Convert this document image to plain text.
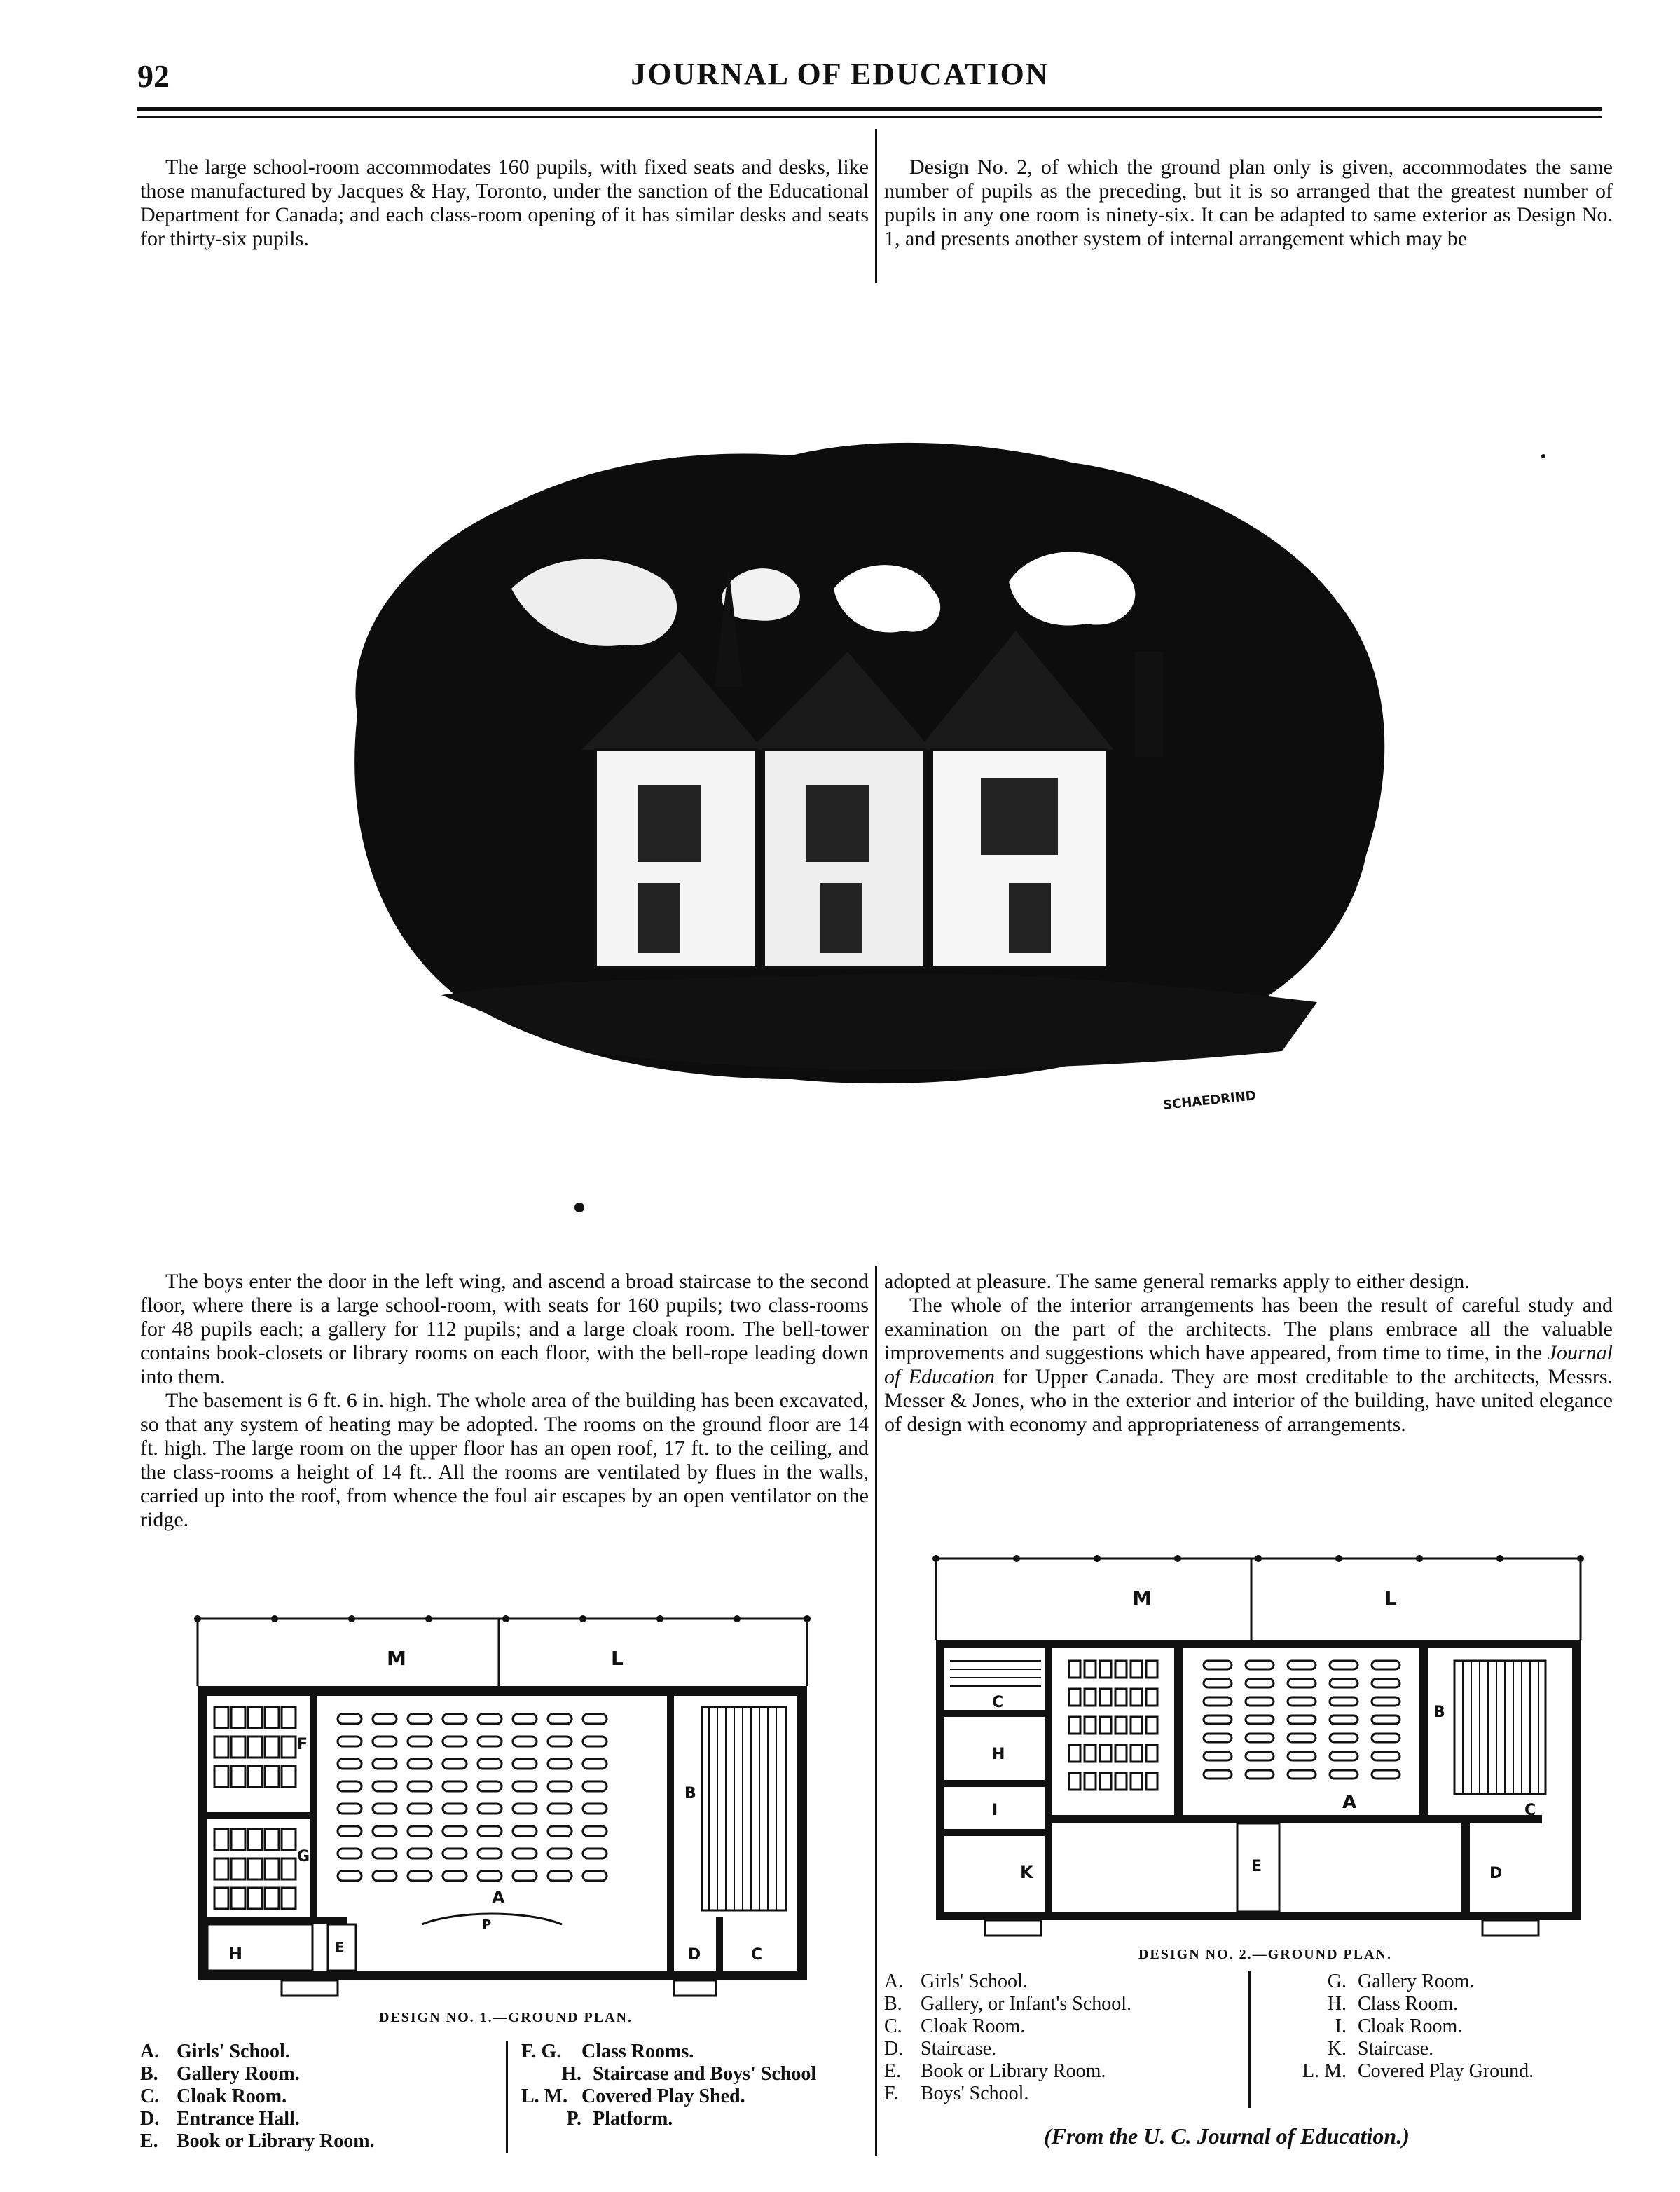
92	JOURNAL OF EDUCATION

The large school-room accommodates 160 pupils, with fixed seats and desks, like those manufactured by Jacques & Hay, Toronto, under the sanction of the Educational Department for Canada; and each class-room opening of it has similar desks and seats for thirty-six pupils.

Design No. 2, of which the ground plan only is given, accommodates the same number of pupils as the preceding, but it is so arranged that the greatest number of pupils in any one room is ninety-six. It can be adapted to same exterior as Design No. 1, and presents another system of internal arrangement which may be

SCHAEDRIND

The boys enter the door in the left wing, and ascend a broad staircase to the second floor, where there is a large school-room, with seats for 160 pupils; two class-rooms for 48 pupils each; a gallery for 112 pupils; and a large cloak room. The bell-tower contains book-closets or library rooms on each floor, with the bell-rope leading down into them.

The basement is 6 ft. 6 in. high. The whole area of the building has been excavated, so that any system of heating may be adopted. The rooms on the ground floor are 14 ft. high. The large room on the upper floor has an open roof, 17 ft. to the ceiling, and the class-rooms a height of 14 ft.. All the rooms are ventilated by flues in the walls, carried up into the roof, from whence the foul air escapes by an open ventilator on the ridge.

adopted at pleasure. The same general remarks apply to either design.

The whole of the interior arrangements has been the result of careful study and examination on the part of the architects. The plans embrace all the valuable improvements and suggestions which have appeared, from time to time, in the Journal of Education for Upper Canada. They are most creditable to the architects, Messrs. Messer & Jones, who in the exterior and interior of the building, have united elegance of design with economy and appropriateness of arrangements.

M	L
F
G
A
P
B
H	E	D	C
DESIGN NO. 1.—GROUND PLAN.
A. Girls' School.
B. Gallery Room.
C. Cloak Room.
D. Entrance Hall.
E. Book or Library Room.
F. G.	Class Rooms.
H. Staircase and Boys' School
L. M. Covered Play Shed.
P. Platform.
M	L
C
H
I
K
A
B
C
E	D
DESIGN NO. 2.—GROUND PLAN.
A. Girls' School.
B. Gallery, or Infant's School.
C. Cloak Room.
D. Staircase.
E. Book or Library Room.
F.	Boys' School.
G. Gallery Room.
H. Class Room.
I. Cloak Room.
K. Staircase.
L. M. Covered Play Ground.
(From the U. C. Journal of Education.)
